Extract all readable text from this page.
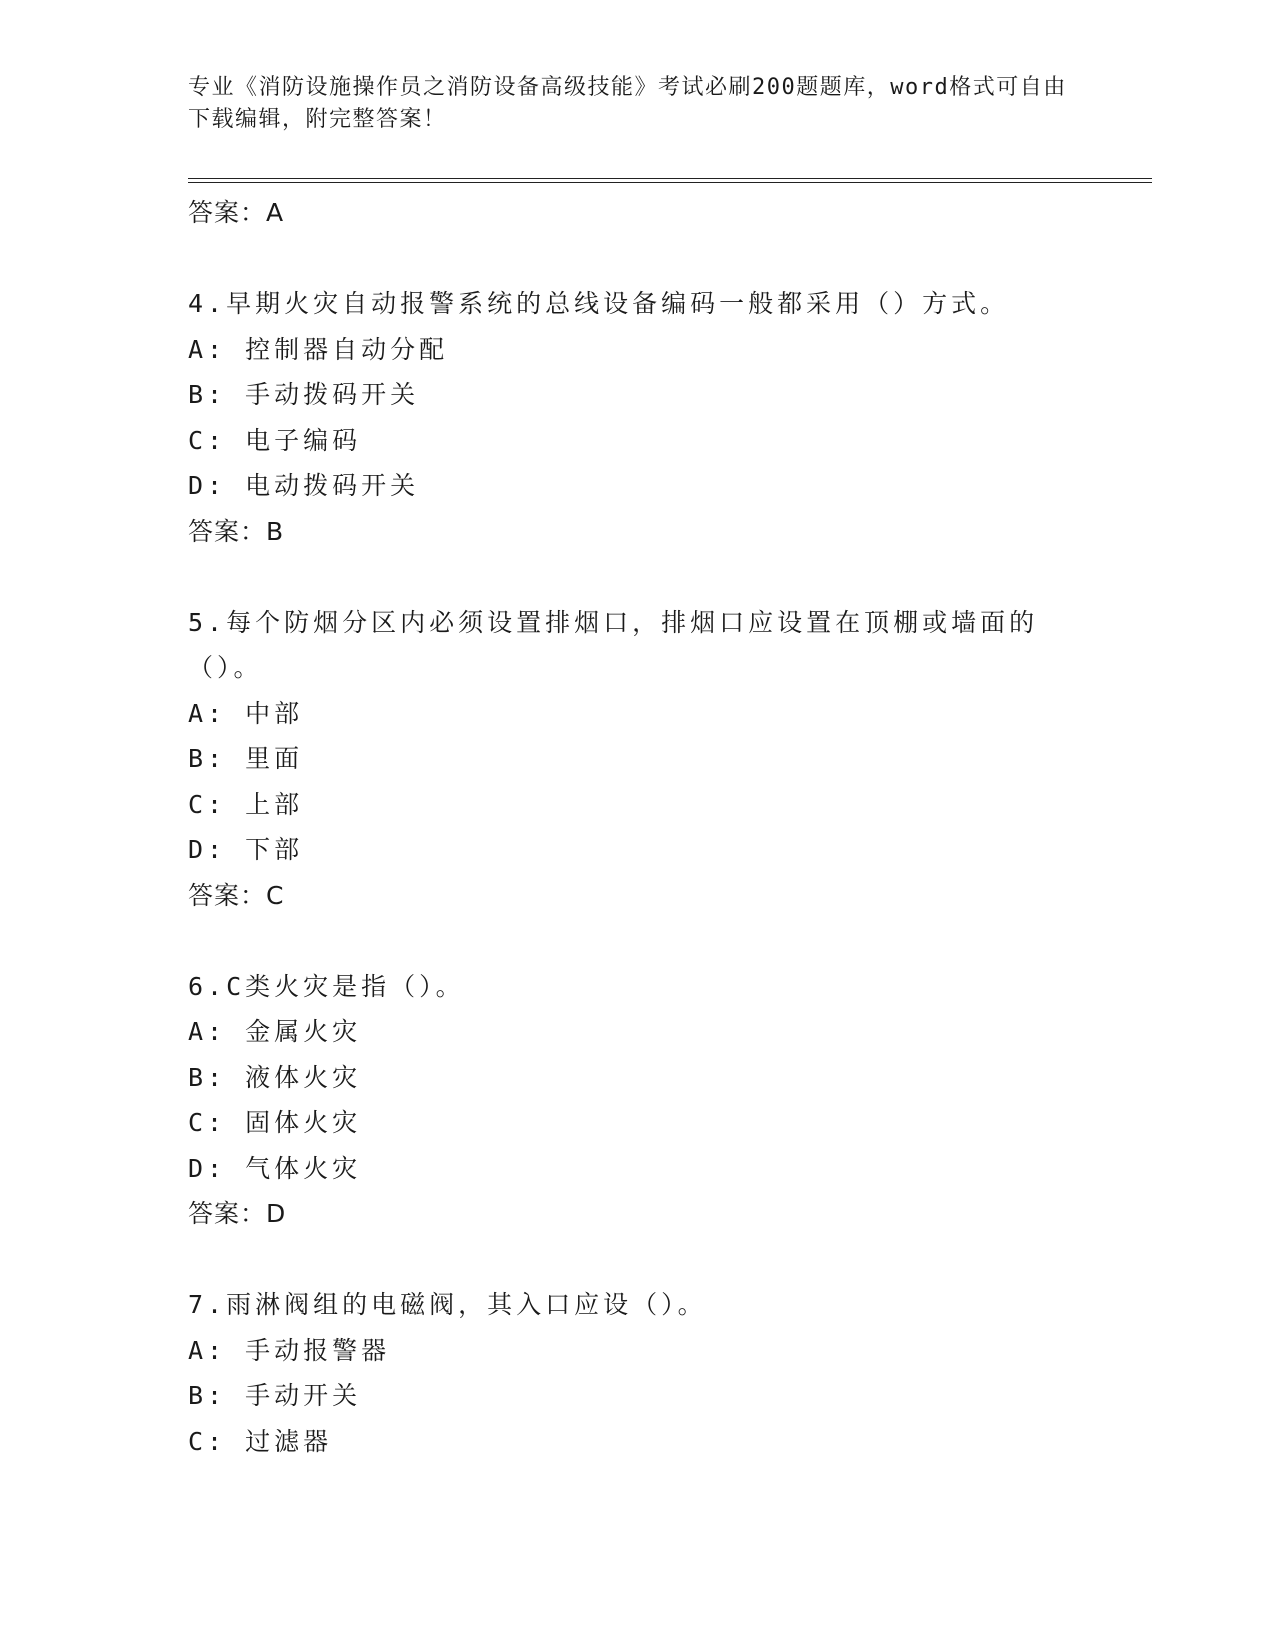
专业《消防设施操作员之消防设备高级技能》考试必刷200题题库，word格式可自由下载编辑，附完整答案！
答案：A
4.早期火灾自动报警系统的总线设备编码一般都采用（）方式。
A: 控制器自动分配
B: 手动拨码开关
C: 电子编码
D: 电动拨码开关
答案：B
5.每个防烟分区内必须设置排烟口，排烟口应设置在顶棚或墙面的（）。
A: 中部
B: 里面
C: 上部
D: 下部
答案：C
6.C类火灾是指（）。
A: 金属火灾
B: 液体火灾
C: 固体火灾
D: 气体火灾
答案：D
7.雨淋阀组的电磁阀，其入口应设（）。
A: 手动报警器
B: 手动开关
C: 过滤器
